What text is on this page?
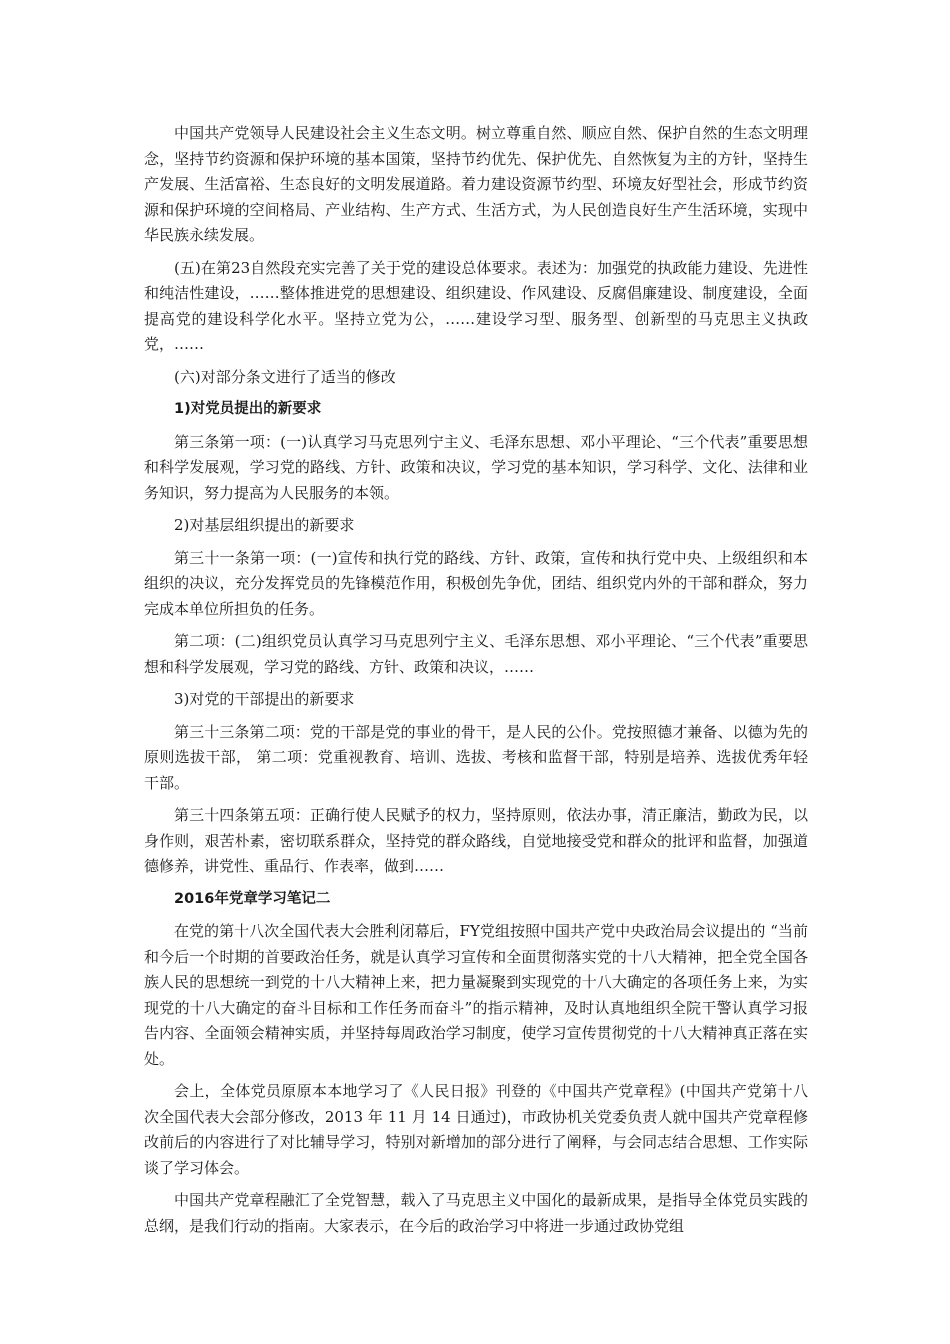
中国共产党领导人民建设社会主义生态文明。树立尊重自然、顺应自然、保护自然的生态文明理念，坚持节约资源和保护环境的基本国策，坚持节约优先、保护优先、自然恢复为主的方针，坚持生产发展、生活富裕、生态良好的文明发展道路。着力建设资源节约型、环境友好型社会，形成节约资源和保护环境的空间格局、产业结构、生产方式、生活方式，为人民创造良好生产生活环境，实现中华民族永续发展。

(五)在第23自然段充实完善了关于党的建设总体要求。表述为：加强党的执政能力建设、先进性和纯洁性建设，……整体推进党的思想建设、组织建设、作风建设、反腐倡廉建设、制度建设，全面提高党的建设科学化水平。坚持立党为公，……建设学习型、服务型、创新型的马克思主义执政党，……

(六)对部分条文进行了适当的修改

1)对党员提出的新要求

第三条第一项：(一)认真学习马克思列宁主义、毛泽东思想、邓小平理论、“三个代表”重要思想和科学发展观，学习党的路线、方针、政策和决议，学习党的基本知识，学习科学、文化、法律和业务知识，努力提高为人民服务的本领。

2)对基层组织提出的新要求

第三十一条第一项：(一)宣传和执行党的路线、方针、政策，宣传和执行党中央、上级组织和本组织的决议，充分发挥党员的先锋模范作用，积极创先争优，团结、组织党内外的干部和群众，努力完成本单位所担负的任务。

第二项：(二)组织党员认真学习马克思列宁主义、毛泽东思想、邓小平理论、“三个代表”重要思想和科学发展观，学习党的路线、方针、政策和决议，……

3)对党的干部提出的新要求

第三十三条第二项：党的干部是党的事业的骨干，是人民的公仆。党按照德才兼备、以德为先的原则选拔干部， 第二项：党重视教育、培训、选拔、考核和监督干部，特别是培养、选拔优秀年轻干部。

第三十四条第五项：正确行使人民赋予的权力，坚持原则，依法办事，清正廉洁，勤政为民，以身作则，艰苦朴素，密切联系群众，坚持党的群众路线，自觉地接受党和群众的批评和监督，加强道德修养，讲党性、重品行、作表率，做到……

2016年党章学习笔记二

在党的第十八次全国代表大会胜利闭幕后，FY党组按照中国共产党中央政治局会议提出的 “当前和今后一个时期的首要政治任务，就是认真学习宣传和全面贯彻落实党的十八大精神，把全党全国各族人民的思想统一到党的十八大精神上来，把力量凝聚到实现党的十八大确定的各项任务上来，为实现党的十八大确定的奋斗目标和工作任务而奋斗”的指示精神，及时认真地组织全院干警认真学习报告内容、全面领会精神实质，并坚持每周政治学习制度，使学习宣传贯彻党的十八大精神真正落在实处。

会上，全体党员原原本本地学习了《人民日报》刊登的《中国共产党章程》(中国共产党第十八次全国代表大会部分修改，2013 年 11 月 14 日通过)，市政协机关党委负责人就中国共产党章程修改前后的内容进行了对比辅导学习，特别对新增加的部分进行了阐释，与会同志结合思想、工作实际谈了学习体会。

中国共产党章程融汇了全党智慧，载入了马克思主义中国化的最新成果，是指导全体党员实践的总纲，是我们行动的指南。大家表示，在今后的政治学习中将进一步通过政协党组
